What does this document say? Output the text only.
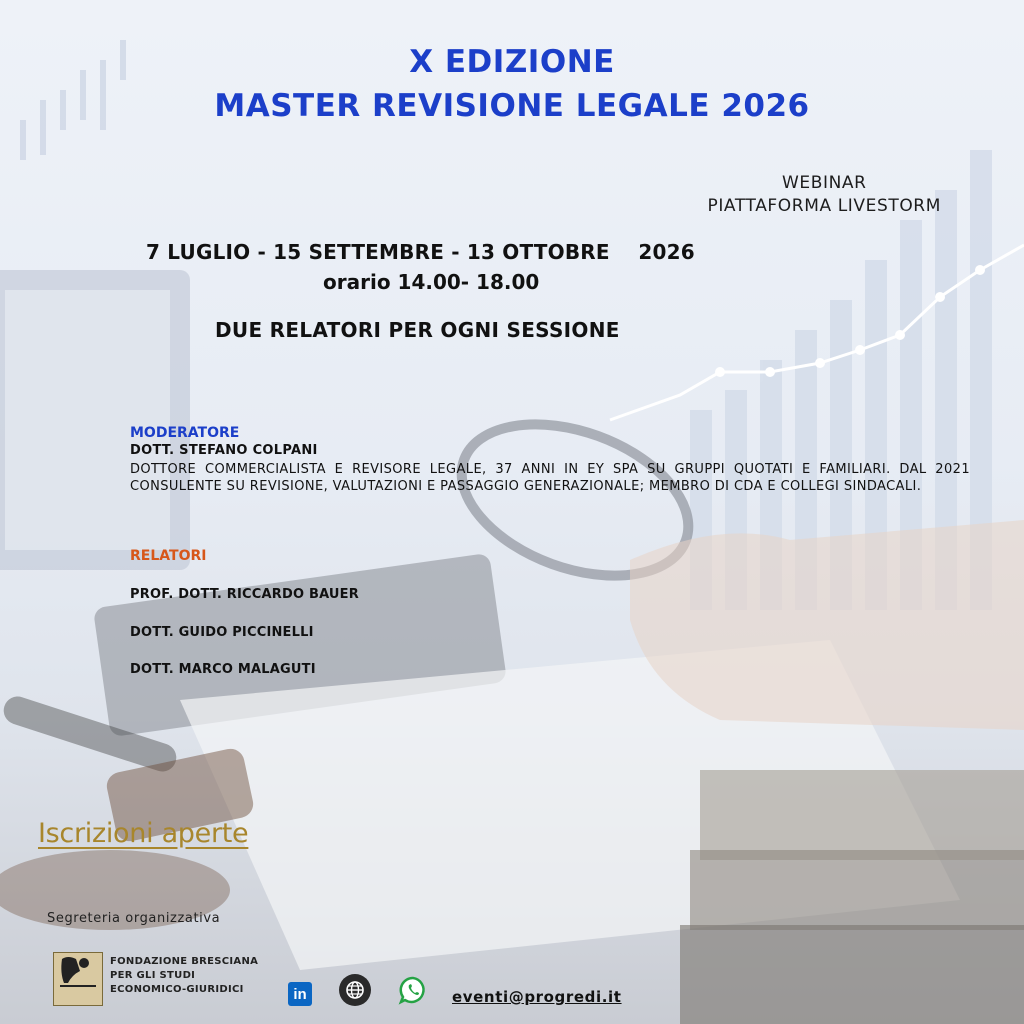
X EDIZIONE
MASTER REVISIONE LEGALE 2026
WEBINAR
PIATTAFORMA LIVESTORM
7 LUGLIO - 15 SETTEMBRE - 13 OTTOBRE    2026
orario 14.00- 18.00
DUE RELATORI PER OGNI SESSIONE
MODERATORE
DOTT. STEFANO COLPANI
DOTTORE COMMERCIALISTA E REVISORE LEGALE, 37 ANNI IN EY SPA SU GRUPPI QUOTATI E FAMILIARI. DAL 2021 CONSULENTE SU REVISIONE, VALUTAZIONI E PASSAGGIO GENERAZIONALE; MEMBRO DI CDA E COLLEGI SINDACALI.
RELATORI
PROF. DOTT. RICCARDO BAUER
DOTT. GUIDO PICCINELLI
DOTT. MARCO MALAGUTI
Iscrizioni aperte
Segreteria organizzativa
FONDAZIONE BRESCIANA
PER GLI STUDI
ECONOMICO-GIURIDICI	in	eventi@progredi.it
